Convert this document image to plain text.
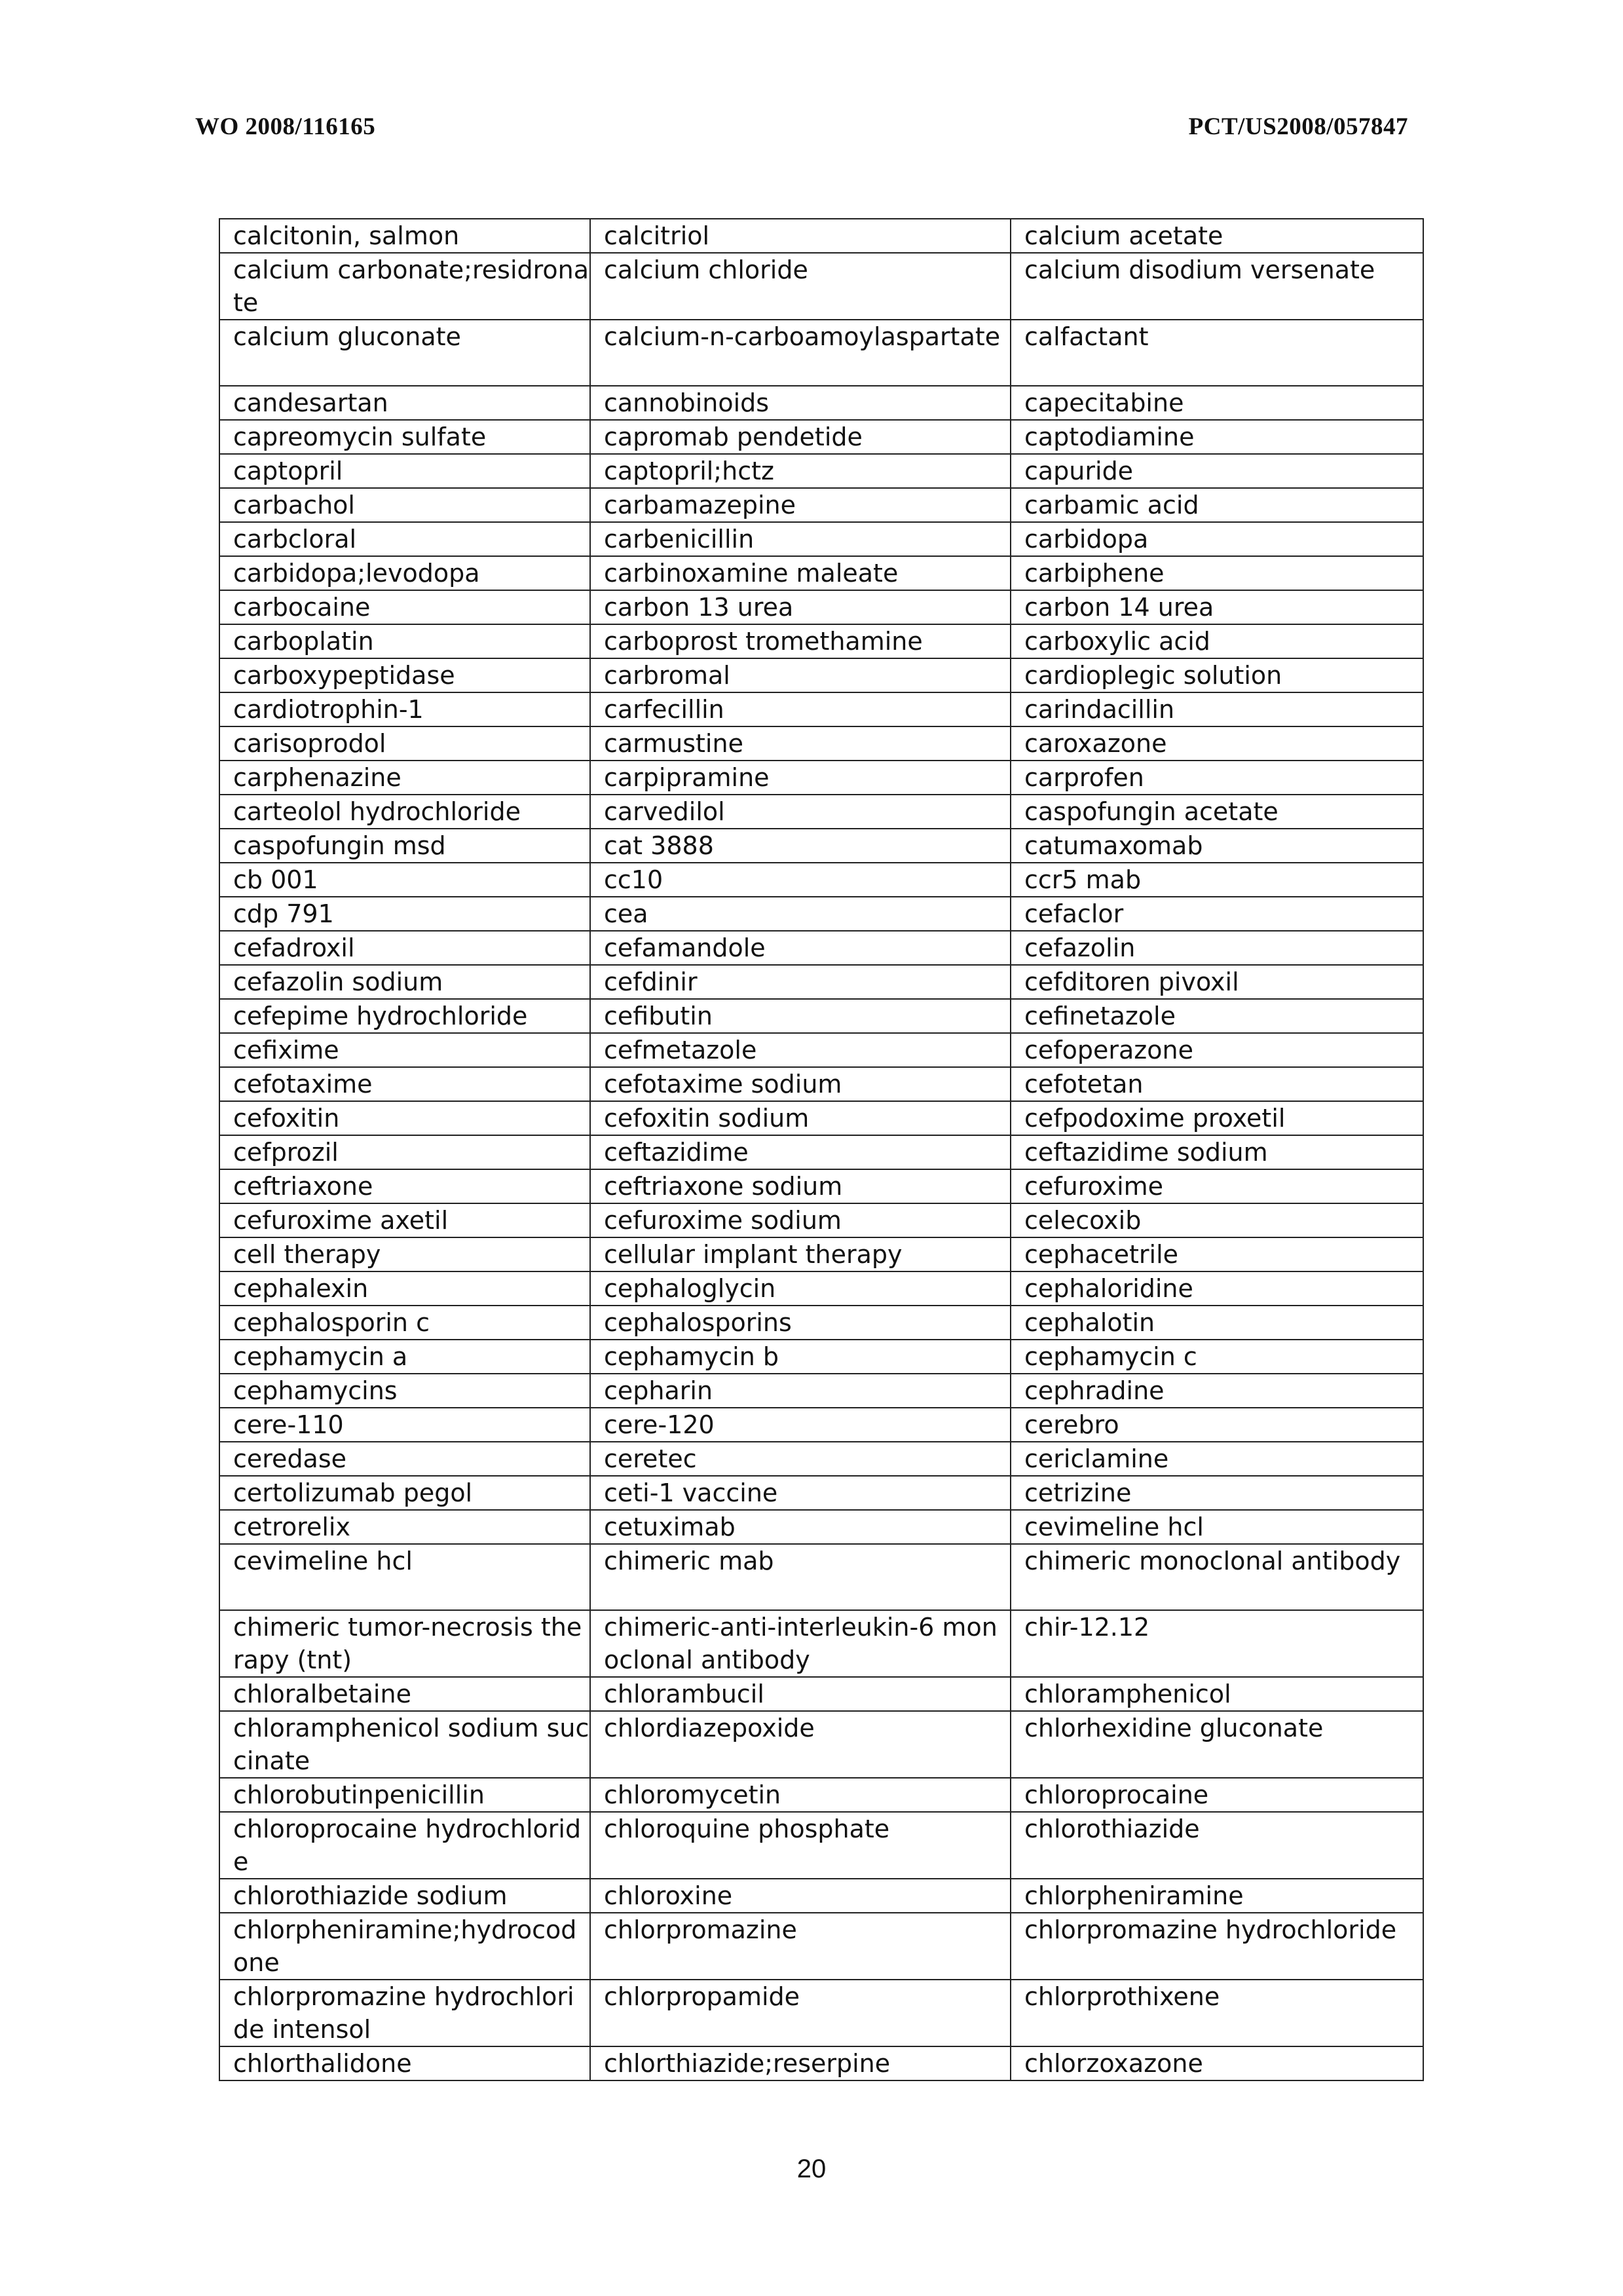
WO 2008/116165	PCT/US2008/057847
calcitonin, salmon	calcitriol	calcium acetate
calcium carbonate;residronate	calcium chloride	calcium disodium versenate
calcium gluconate	calcium-n-carboamoylaspartate	calfactant
candesartan	cannobinoids	capecitabine
capreomycin sulfate	capromab pendetide	captodiamine
captopril	captopril;hctz	capuride
carbachol	carbamazepine	carbamic acid
carbcloral	carbenicillin	carbidopa
carbidopa;levodopa	carbinoxamine maleate	carbiphene
carbocaine	carbon 13 urea	carbon 14 urea
carboplatin	carboprost tromethamine	carboxylic acid
carboxypeptidase	carbromal	cardioplegic solution
cardiotrophin-1	carfecillin	carindacillin
carisoprodol	carmustine	caroxazone
carphenazine	carpipramine	carprofen
carteolol hydrochloride	carvedilol	caspofungin acetate
caspofungin msd	cat 3888	catumaxomab
cb 001	cc10	ccr5 mab
cdp 791	cea	cefaclor
cefadroxil	cefamandole	cefazolin
cefazolin sodium	cefdinir	cefditoren pivoxil
cefepime hydrochloride	cefibutin	cefinetazole
cefixime	cefmetazole	cefoperazone
cefotaxime	cefotaxime sodium	cefotetan
cefoxitin	cefoxitin sodium	cefpodoxime proxetil
cefprozil	ceftazidime	ceftazidime sodium
ceftriaxone	ceftriaxone sodium	cefuroxime
cefuroxime axetil	cefuroxime sodium	celecoxib
cell therapy	cellular implant therapy	cephacetrile
cephalexin	cephaloglycin	cephaloridine
cephalosporin c	cephalosporins	cephalotin
cephamycin a	cephamycin b	cephamycin c
cephamycins	cepharin	cephradine
cere-110	cere-120	cerebro
ceredase	ceretec	cericlamine
certolizumab pegol	ceti-1 vaccine	cetrizine
cetrorelix	cetuximab	cevimeline hcl
cevimeline hcl	chimeric mab	chimeric monoclonal antibody
chimeric tumor-necrosis therapy (tnt)	chimeric-anti-interleukin-6 monoclonal antibody	chir-12.12
chloralbetaine	chlorambucil	chloramphenicol
chloramphenicol sodium succinate	chlordiazepoxide	chlorhexidine gluconate
chlorobutinpenicillin	chloromycetin	chloroprocaine
chloroprocaine hydrochloride	chloroquine phosphate	chlorothiazide
chlorothiazide sodium	chloroxine	chlorpheniramine
chlorpheniramine;hydrocodone	chlorpromazine	chlorpromazine hydrochloride
chlorpromazine hydrochloride intensol	chlorpropamide	chlorprothixene
chlorthalidone	chlorthiazide;reserpine	chlorzoxazone
20
